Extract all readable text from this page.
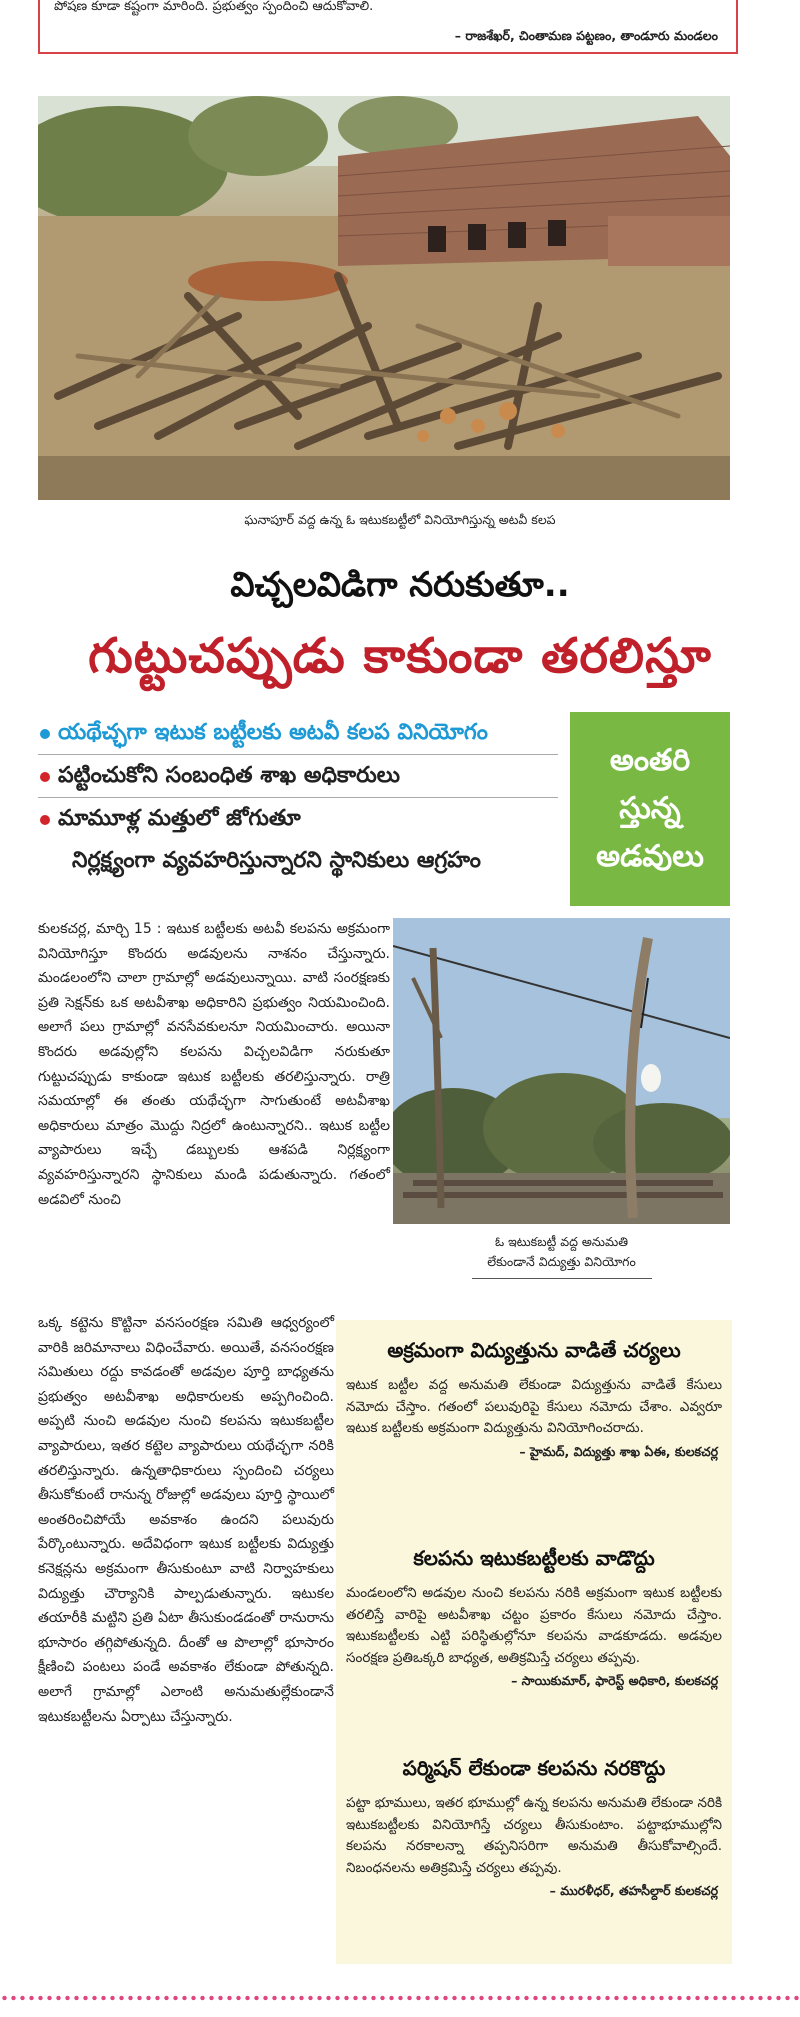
పోషణ కూడా కష్టంగా మారింది. ప్రభుత్వం స్పందించి ఆదుకోవాలి.
– రాజశేఖర్, చింతామణ పట్టణం, తాండూరు మండలం
ఘనాపూర్ వద్ద ఉన్న ఓ ఇటుకబట్టీలో వినియోగిస్తున్న అటవీ కలప
విచ్చలవిడిగా నరుకుతూ..
గుట్టుచప్పుడు కాకుండా తరలిస్తూ
యథేచ్ఛగా ఇటుక బట్టీలకు అటవీ కలప వినియోగం
పట్టించుకోని సంబంధిత శాఖ అధికారులు
మామూళ్ల మత్తులో జోగుతూ
నిర్లక్ష్యంగా వ్యవహరిస్తున్నారని స్థానికులు ఆగ్రహం
అంతరి
స్తున్న
అడవులు

కులకచర్ల, మార్చి 15 : ఇటుక బట్టీలకు అటవీ కలపను అక్రమంగా వినియోగిస్తూ కొందరు అడవులను నాశనం చేస్తున్నారు. మండలంలోని చాలా గ్రామాల్లో అడవులున్నాయి. వాటి సంరక్షణకు ప్రతి సెక్షన్‌కు ఒక అటవీశాఖ అధికారిని ప్రభుత్వం నియమించింది. అలాగే పలు గ్రామాల్లో వనసేవకులనూ నియమించారు. అయినా కొందరు అడవుల్లోని కలపను విచ్చలవిడిగా నరుకుతూ గుట్టుచప్పుడు కాకుండా ఇటుక బట్టీలకు తరలిస్తున్నారు. రాత్రి సమయాల్లో ఈ తంతు యథేచ్ఛగా సాగుతుంటే అటవీశాఖ అధికారులు మాత్రం మొద్దు నిద్రలో ఉంటున్నారని.. ఇటుక బట్టీల వ్యాపారులు ఇచ్చే డబ్బులకు ఆశపడి నిర్లక్ష్యంగా వ్యవహరిస్తున్నారని స్థానికులు మండి పడుతున్నారు. గతంలో అడవిలో నుంచి

ఒక్క కట్టెను కొట్టినా వనసంరక్షణ సమితి ఆధ్వర్యంలో వారికి జరిమానాలు విధించేవారు. అయితే, వనసంరక్షణ సమితులు రద్దు కావడంతో అడవుల పూర్తి బాధ్యతను ప్రభుత్వం అటవీశాఖ అధికారులకు అప్పగించింది. అప్పటి నుంచి అడవుల నుంచి కలపను ఇటుకబట్టీల వ్యాపారులు, ఇతర కట్టెల వ్యాపారులు యథేచ్ఛగా నరికి తరలిస్తున్నారు. ఉన్నతాధికారులు స్పందించి చర్యలు తీసుకోకుంటే రానున్న రోజుల్లో అడవులు పూర్తి స్థాయిలో అంతరించిపోయే అవకాశం ఉందని పలువురు పేర్కొంటున్నారు. అదేవిధంగా ఇటుక బట్టీలకు విద్యుత్తు కనెక్షన్లను అక్రమంగా తీసుకుంటూ వాటి నిర్వాహకులు విద్యుత్తు చౌర్యానికి పాల్పడుతున్నారు. ఇటుకల తయారీకి మట్టిని ప్రతి ఏటా తీసుకుండడంతో రానురాను భూసారం తగ్గిపోతున్నది. దీంతో ఆ పొలాల్లో భూసారం క్షీణించి పంటలు పండే అవకాశం లేకుండా పోతున్నది. అలాగే గ్రామాల్లో ఎలాంటి అనుమతుల్లేకుండానే ఇటుకబట్టీలను ఏర్పాటు చేస్తున్నారు.

ఓ ఇటుకబట్టీ వద్ద అనుమతి
లేకుండానే విద్యుత్తు వినియోగం
అక్రమంగా విద్యుత్తును వాడితే చర్యలు
ఇటుక బట్టీల వద్ద అనుమతి లేకుండా విద్యుత్తును వాడితే కేసులు నమోదు చేస్తాం. గతంలో పలువురిపై కేసులు నమోదు చేశాం. ఎవ్వరూ ఇటుక బట్టీలకు అక్రమంగా విద్యుత్తును వినియోగించరాదు.
– హైమద్, విద్యుత్తు శాఖ ఏఈ, కులకచర్ల
కలపను ఇటుకబట్టీలకు వాడొద్దు
మండలంలోని అడవుల నుంచి కలపను నరికి అక్రమంగా ఇటుక బట్టీలకు తరలిస్తే వారిపై అటవీశాఖ చట్టం ప్రకారం కేసులు నమోదు చేస్తాం. ఇటుకబట్టీలకు ఎట్టి పరిస్థితుల్లోనూ కలపను వాడకూడదు. అడవుల సంరక్షణ ప్రతిఒక్కరి బాధ్యత, అతిక్రమిస్తే చర్యలు తప్పవు.
– సాయికుమార్, ఫారెస్ట్ అధికారి, కులకచర్ల
పర్మిషన్ లేకుండా కలపను నరకొద్దు
పట్టా భూములు, ఇతర భూముల్లో ఉన్న కలపను అనుమతి లేకుండా నరికి ఇటుకబట్టీలకు వినియోగిస్తే చర్యలు తీసుకుంటాం. పట్టాభూముల్లోని కలపను నరకాలన్నా తప్పనిసరిగా అనుమతి తీసుకోవాల్సిందే. నిబంధనలను అతిక్రమిస్తే చర్యలు తప్పవు.
– మురళీధర్, తహసీల్దార్ కులకచర్ల
